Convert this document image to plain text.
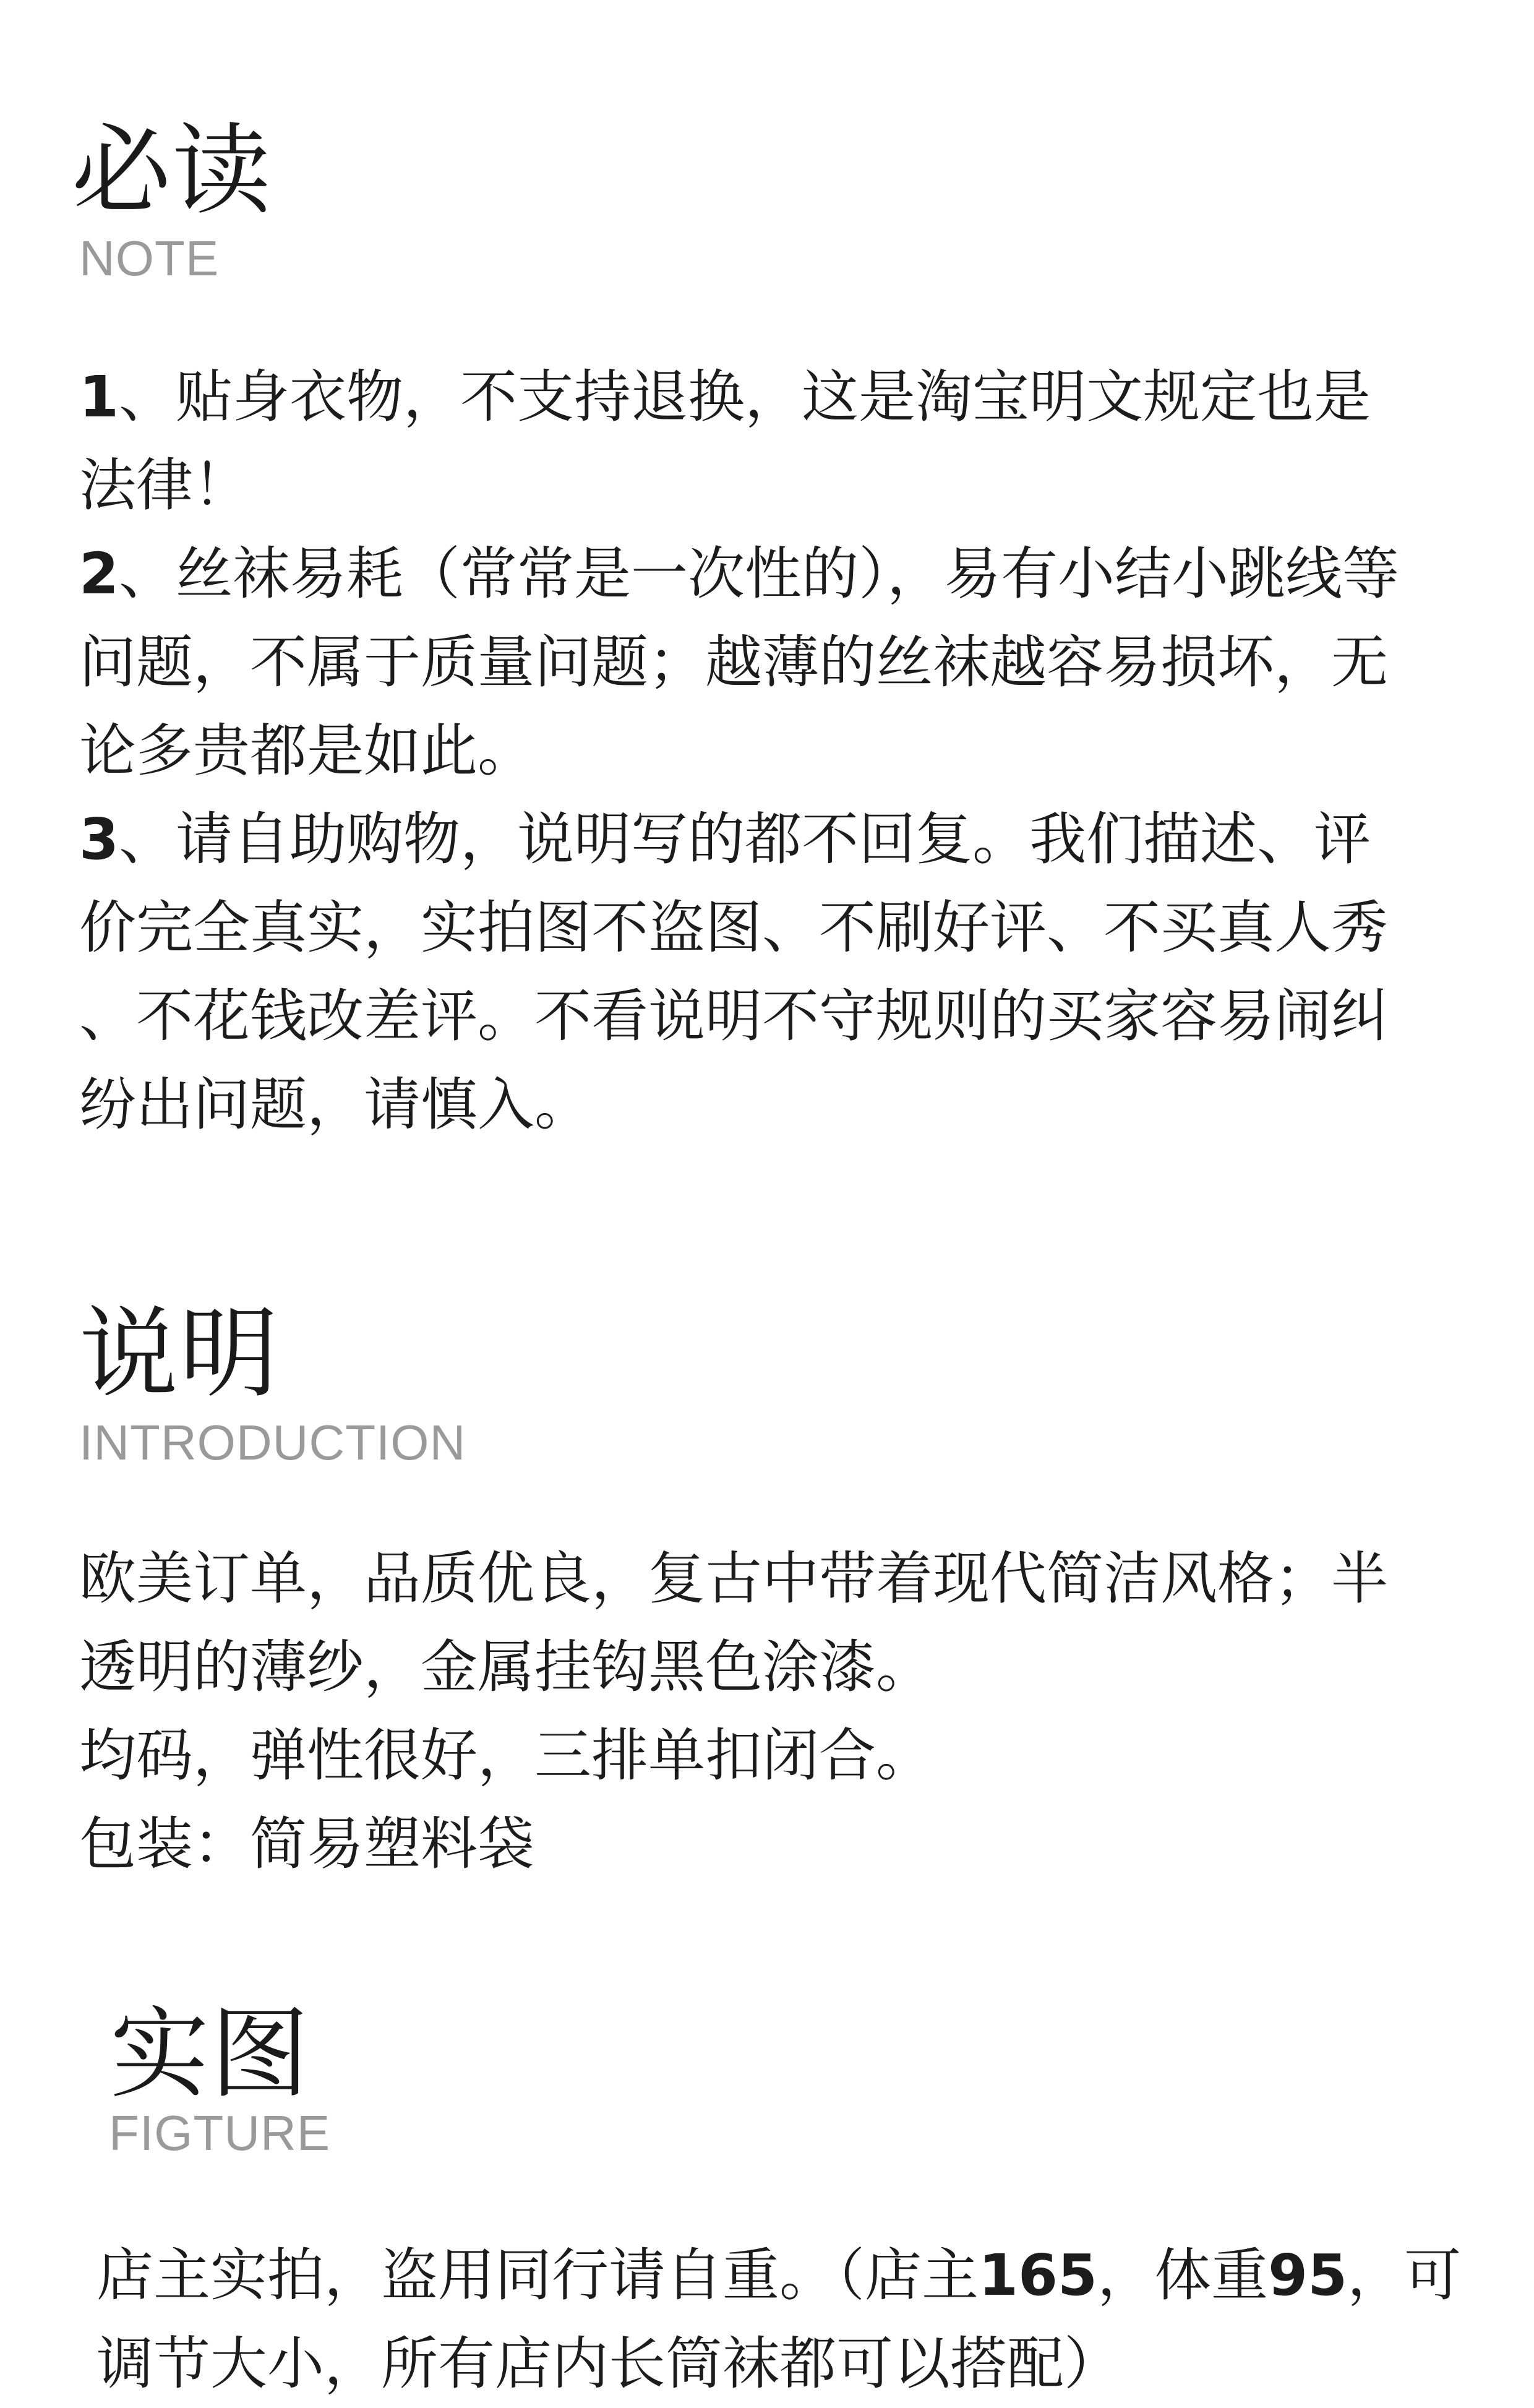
必读
NOTE

1、贴身衣物，不支持退换，这是淘宝明文规定也是

法律！

2、丝袜易耗（常常是一次性的），易有小结小跳线等

问题，不属于质量问题；越薄的丝袜越容易损坏，无

论多贵都是如此。

3、请自助购物，说明写的都不回复。我们描述、评

价完全真实，实拍图不盗图、不刷好评、不买真人秀

、不花钱改差评。不看说明不守规则的买家容易闹纠

纷出问题，请慎入。

说明
INTRODUCTION

欧美订单，品质优良，复古中带着现代简洁风格；半

透明的薄纱，金属挂钩黑色涂漆。

均码，弹性很好，三排单扣闭合。

包装：简易塑料袋

实图
FIGTURE

店主实拍，盗用同行请自重。（店主165，体重95，可

调节大小，所有店内长筒袜都可以搭配）
